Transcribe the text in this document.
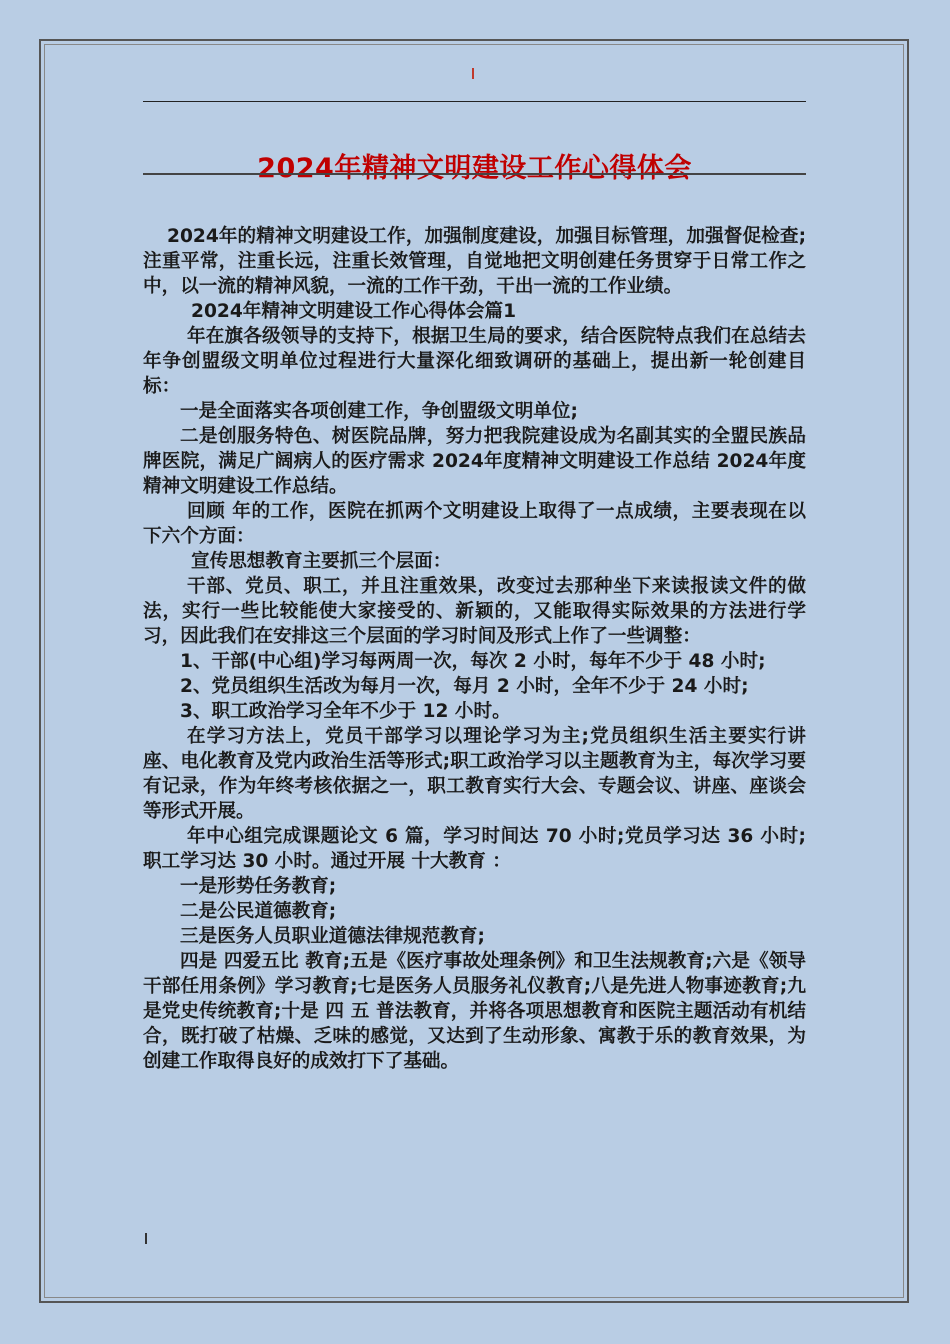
2024年精神文明建设工作心得体会

2024年的精神文明建设工作，加强制度建设，加强目标管理，加强督促检查;注重平常，注重长远，注重长效管理，自觉地把文明创建任务贯穿于日常工作之中，以一流的精神风貌，一流的工作干劲，干出一流的工作业绩。

2024年精神文明建设工作心得体会篇1

年在旗各级领导的支持下，根据卫生局的要求，结合医院特点我们在总结去年争创盟级文明单位过程进行大量深化细致调研的基础上，提出新一轮创建目标：

一是全面落实各项创建工作，争创盟级文明单位;

二是创服务特色、树医院品牌，努力把我院建设成为名副其实的全盟民族品牌医院，满足广阔病人的医疗需求 2024年度精神文明建设工作总结 2024年度精神文明建设工作总结。

回顾 年的工作，医院在抓两个文明建设上取得了一点成绩，主要表现在以下六个方面：

宣传思想教育主要抓三个层面：

干部、党员、职工，并且注重效果，改变过去那种坐下来读报读文件的做法，实行一些比较能使大家接受的、新颖的，又能取得实际效果的方法进行学习，因此我们在安排这三个层面的学习时间及形式上作了一些调整：

1、干部(中心组)学习每两周一次，每次 2 小时，每年不少于 48 小时;

2、党员组织生活改为每月一次，每月 2 小时，全年不少于 24 小时;

3、职工政治学习全年不少于 12 小时。

在学习方法上，党员干部学习以理论学习为主;党员组织生活主要实行讲座、电化教育及党内政治生活等形式;职工政治学习以主题教育为主，每次学习要有记录，作为年终考核依据之一，职工教育实行大会、专题会议、讲座、座谈会等形式开展。

年中心组完成课题论文 6 篇，学习时间达 70 小时;党员学习达 36 小时;职工学习达 30 小时。通过开展 十大教育 ：

一是形势任务教育;

二是公民道德教育;

三是医务人员职业道德法律规范教育;

四是 四爱五比 教育;五是《医疗事故处理条例》和卫生法规教育;六是《领导干部任用条例》学习教育;七是医务人员服务礼仪教育;八是先进人物事迹教育;九是党史传统教育;十是 四 五 普法教育，并将各项思想教育和医院主题活动有机结合，既打破了枯燥、乏味的感觉，又达到了生动形象、寓教于乐的教育效果，为创建工作取得良好的成效打下了基础。
